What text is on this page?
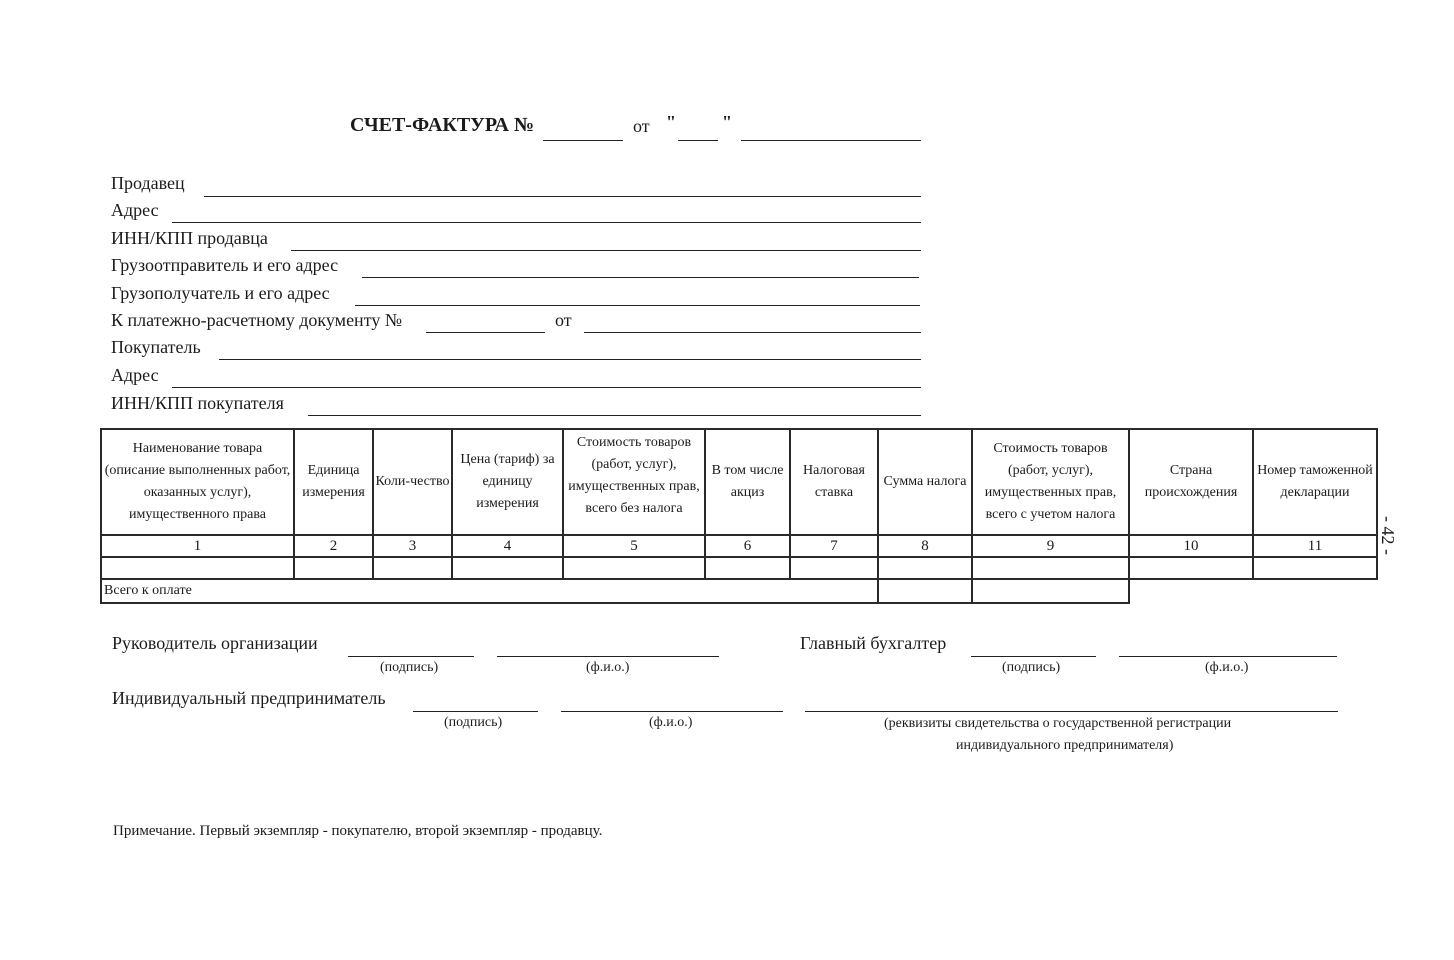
СЧЕТ-ФАКТУРА №	от "	"
Продавец
Адрес
ИНН/КПП продавца
Грузоотправитель и его адрес
Грузополучатель и его адрес
К платежно-расчетному документу №	от
Покупатель
Адрес
ИНН/КПП покупателя
Наименование товара (описание выполненных работ, оказанных услуг), имущественного права	Единица измерения	Коли-чество	Цена (тариф) за единицу измерения	Стоимость товаров (работ, услуг), имущественных прав, всего без налога	В том числе акциз	Налоговая ставка	Сумма налога	Стоимость товаров (работ, услуг), имущественных прав, всего с учетом налога	Страна происхождения	Номер таможенной декларации
1	2	3	4	5	6	7	8	9	10	11

Всего к оплате										
Руководитель организации
(подпись)	(ф.и.о.)
Главный бухгалтер
(подпись)	(ф.и.о.)
Индивидуальный предприниматель
(подпись)	(ф.и.о.)	(реквизиты свидетельства о государственной регистрации
индивидуального предпринимателя)
Примечание. Первый экземпляр - покупателю, второй экземпляр - продавцу.
- 42 -
